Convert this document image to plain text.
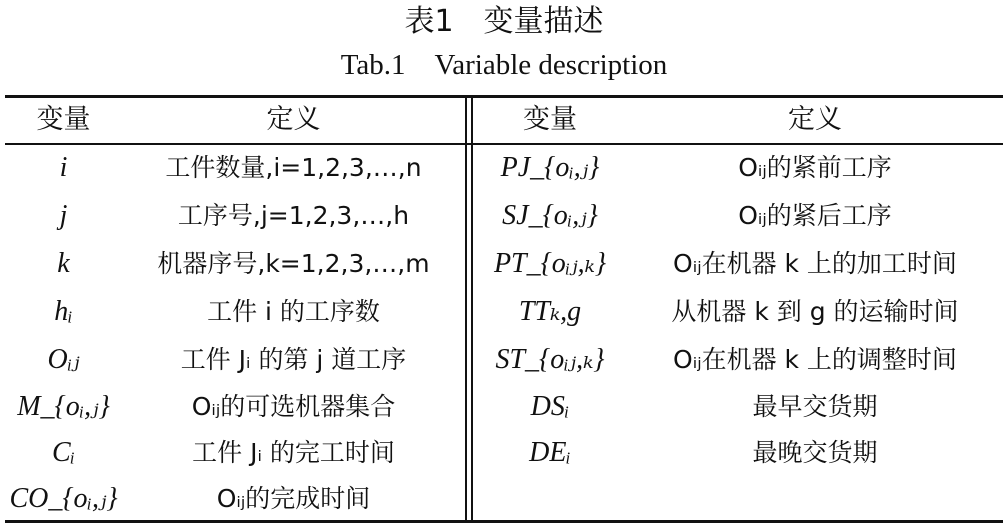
表1　变量描述
Tab.1　Variable description
变量	定义	变量	定义
i	工件数量,i=1,2,3,…,n	PJ_{oᵢ,ⱼ}	Oᵢⱼ的紧前工序
j	工序号,j=1,2,3,…,h	SJ_{oᵢ,ⱼ}	Oᵢⱼ的紧后工序
k	机器序号,k=1,2,3,…,m	PT_{oᵢⱼ,ₖ}	Oᵢⱼ在机器 k 上的加工时间
hᵢ	工件 i 的工序数	TTₖ,g	从机器 k 到 g 的运输时间
Oᵢⱼ	工件 Jᵢ 的第 j 道工序	ST_{oᵢⱼ,ₖ}	Oᵢⱼ在机器 k 上的调整时间
M_{oᵢ,ⱼ}	Oᵢⱼ的可选机器集合	DSᵢ	最早交货期
Cᵢ	工件 Jᵢ 的完工时间	DEᵢ	最晚交货期
CO_{oᵢ,ⱼ}	Oᵢⱼ的完成时间
